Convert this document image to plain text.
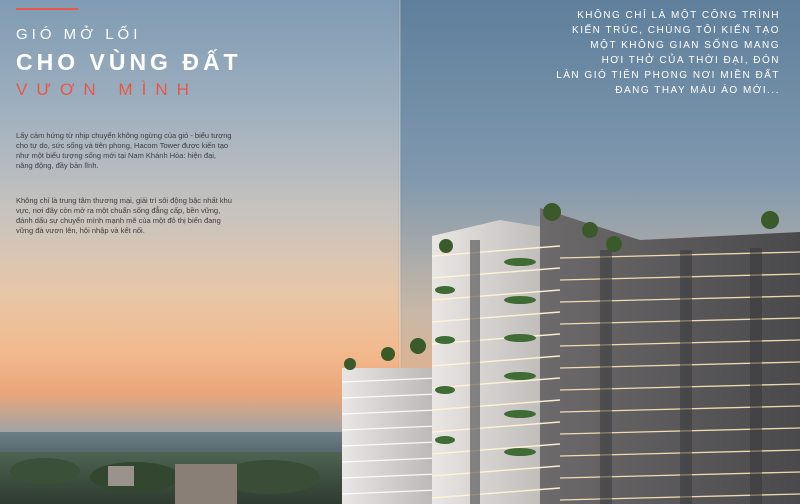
GIÓ MỞ LỐI
CHO VÙNG ĐẤT
VƯƠN MÌNH
Lấy cảm hứng từ nhịp chuyển không ngừng của gió - biểu tượng cho tự do, sức sống và tiên phong, Hacom Tower được kiến tạo như một biểu tượng sống mới tại Nam Khánh Hòa: hiện đại, năng động, đầy bản lĩnh.
Không chỉ là trung tâm thương mại, giải trí sôi động bậc nhất khu vực, nơi đây còn mở ra một chuẩn sống đẳng cấp, bền vững, đánh dấu sự chuyển mình mạnh mẽ của một đô thị biển đang vững đà vươn lên, hội nhập và kết nối.
KHÔNG CHỈ LÀ MỘT CÔNG TRÌNH
KIẾN TRÚC, CHÚNG TÔI KIẾN TẠO
MỘT KHÔNG GIAN SỐNG MANG
HƠI THỞ CỦA THỜI ĐẠI, ĐÓN
LÀN GIÓ TIÊN PHONG NƠI MIỀN ĐẤT
ĐANG THAY MÀU ÁO MỚI...
